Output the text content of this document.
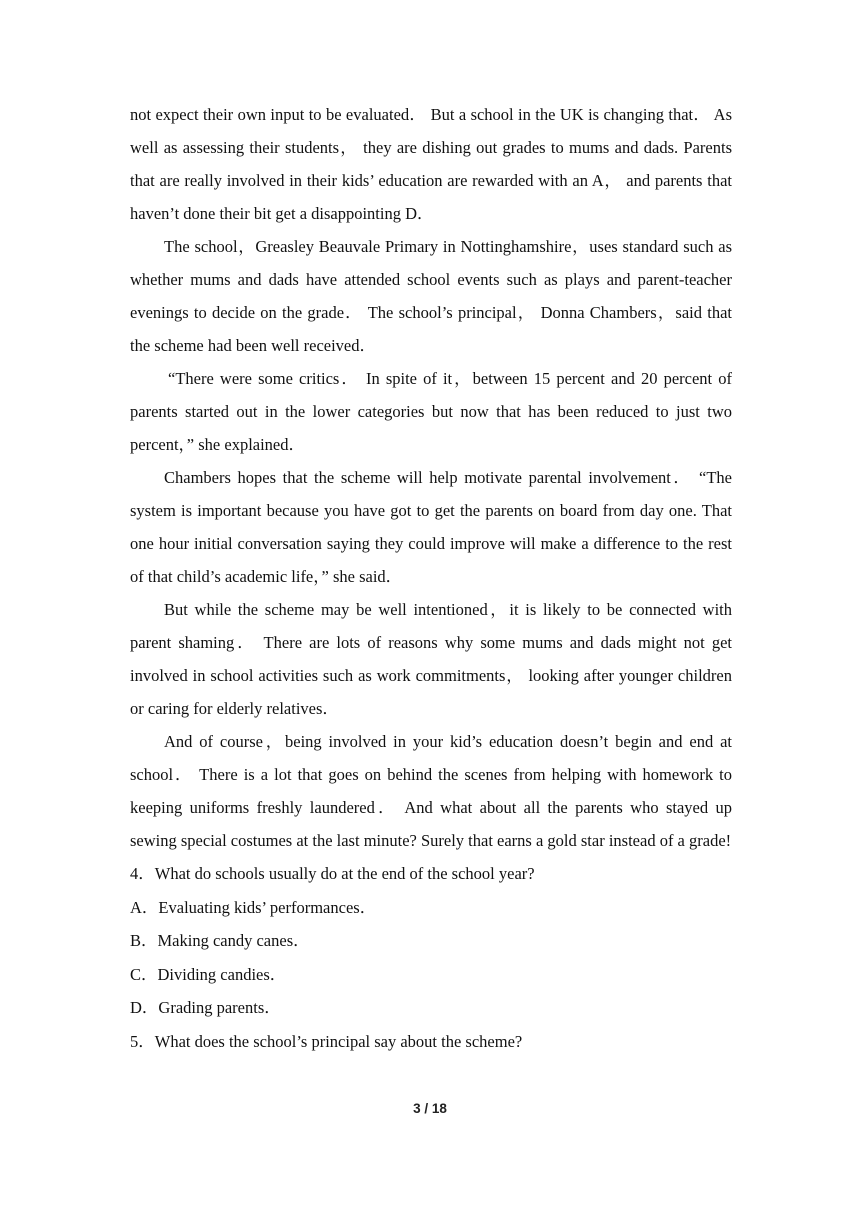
not expect their own input to be evaluated． But a school in the UK is changing that． As well as assessing their students， they are dishing out grades to mums and dads. Parents that are really involved in their kids’ education are rewarded with an A， and parents that haven’t done their bit get a disappointing D．

The school，Greasley Beauvale Primary in Nottinghamshire，uses standard such as whether mums and dads have attended school events such as plays and parent-teacher evenings to decide on the grade． The school’s principal， Donna Chambers，said that the scheme had been well received．

“There were some critics． In spite of it，between 15 percent and 20 percent of parents started out in the lower categories but now that has been reduced to just two percent，” she explained．

Chambers hopes that the scheme will help motivate parental involvement． “The system is important because you have got to get the parents on board from day one. That one hour initial conversation saying they could improve will make a difference to the rest of that child’s academic life，” she said．

But while the scheme may be well intentioned，it is likely to be connected with parent shaming． There are lots of reasons why some mums and dads might not get involved in school activities such as work commitments， looking after younger children or caring for elderly relatives．

And of course，being involved in your kid’s education doesn’t begin and end at school． There is a lot that goes on behind the scenes from helping with homework to keeping uniforms freshly laundered． And what about all the parents who stayed up sewing special costumes at the last minute? Surely that earns a gold star instead of a grade!

4．What do schools usually do at the end of the school year?

A．Evaluating kids’ performances．

B．Making candy canes．

C．Dividing candies．

D．Grading parents．

5．What does the school’s principal say about the scheme?

3 / 18
